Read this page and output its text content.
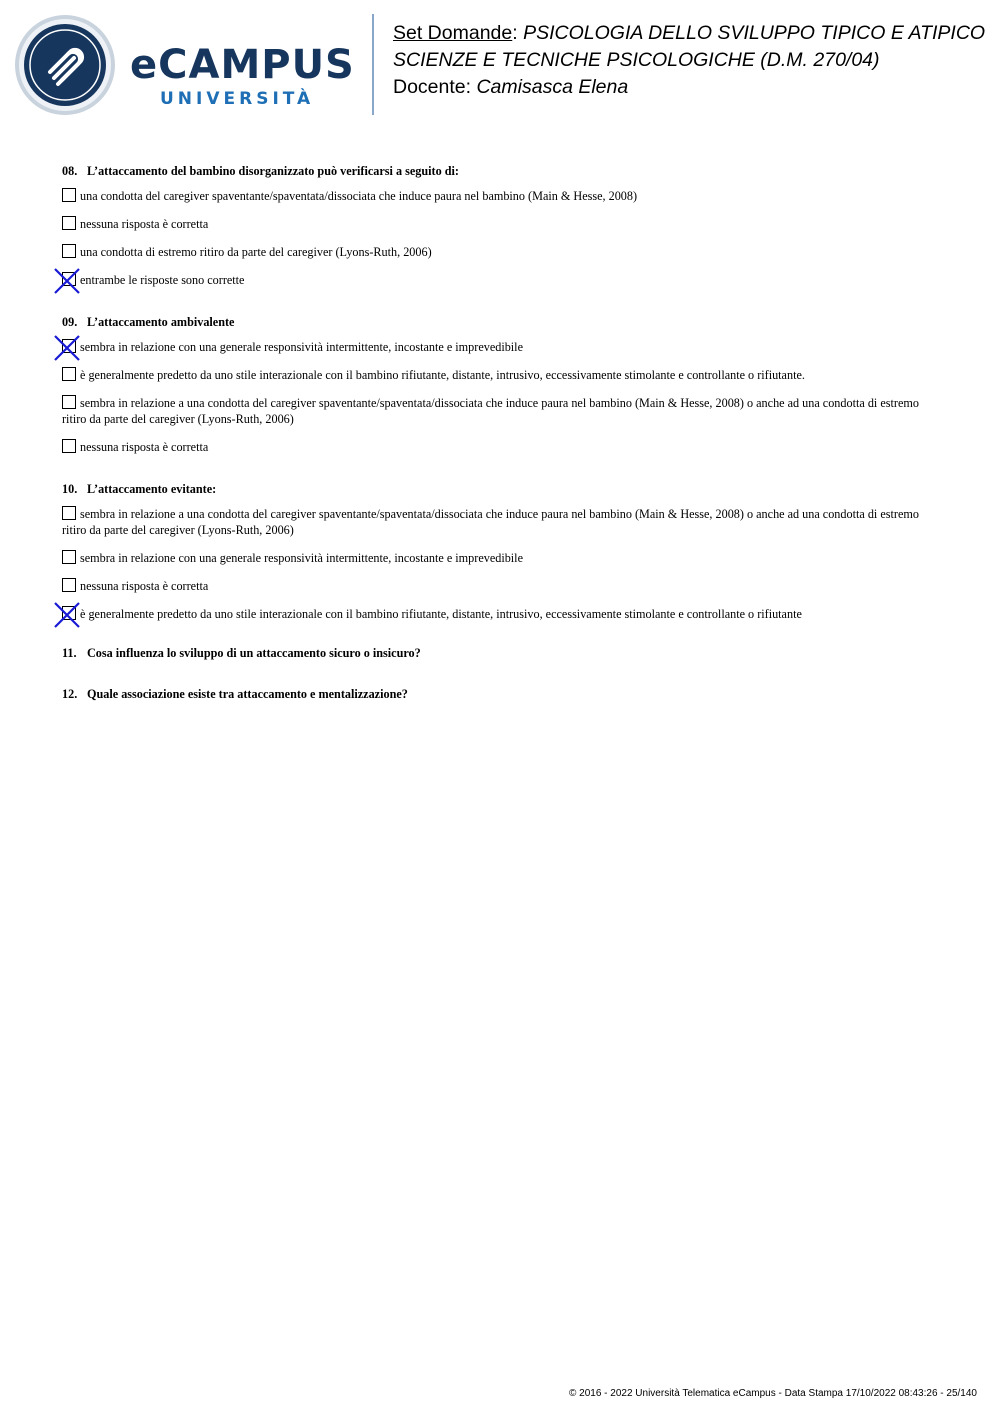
eCAMPUS
UNIVERSITÀ
Set Domande: PSICOLOGIA DELLO SVILUPPO TIPICO E ATIPICO
SCIENZE E TECNICHE PSICOLOGICHE (D.M. 270/04)
Docente: Camisasca Elena
08. L’attaccamento del bambino disorganizzato può verificarsi a seguito di:
una condotta del caregiver spaventante/spaventata/dissociata che induce paura nel bambino (Main & Hesse, 2008)
nessuna risposta è corretta
una condotta di estremo ritiro da parte del caregiver (Lyons-Ruth, 2006)
entrambe le risposte sono corrette
09. L’attaccamento ambivalente
sembra in relazione con una generale responsività intermittente, incostante e imprevedibile
è generalmente predetto da uno stile interazionale con il bambino rifiutante, distante, intrusivo, eccessivamente stimolante e controllante o rifiutante.
sembra in relazione a una condotta del caregiver spaventante/spaventata/dissociata che induce paura nel bambino (Main & Hesse, 2008) o anche ad una condotta di estremo ritiro da parte del caregiver (Lyons-Ruth, 2006)
nessuna risposta è corretta
10. L’attaccamento evitante:
sembra in relazione a una condotta del caregiver spaventante/spaventata/dissociata che induce paura nel bambino (Main & Hesse, 2008) o anche ad una condotta di estremo ritiro da parte del caregiver (Lyons-Ruth, 2006)
sembra in relazione con una generale responsività intermittente, incostante e imprevedibile
nessuna risposta è corretta
è generalmente predetto da uno stile interazionale con il bambino rifiutante, distante, intrusivo, eccessivamente stimolante e controllante o rifiutante
11. Cosa influenza lo sviluppo di un attaccamento sicuro o insicuro?
12. Quale associazione esiste tra attaccamento e mentalizzazione?
© 2016 - 2022 Università Telematica eCampus - Data Stampa 17/10/2022 08:43:26 - 25/140
